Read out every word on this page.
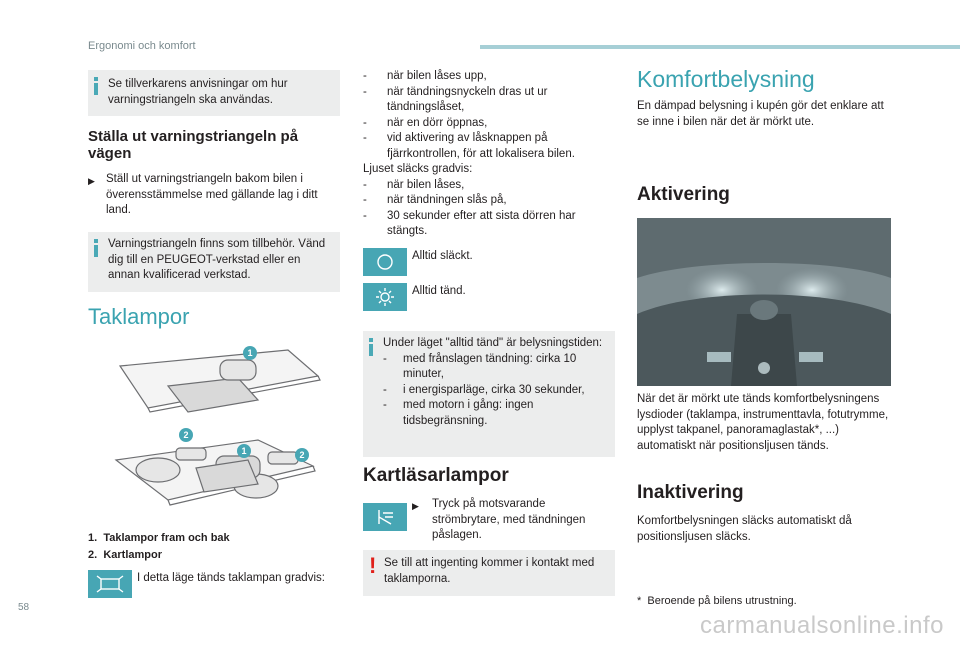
Ergonomi och komfort
Se tillverkarens anvisningar om hur varningstriangeln ska användas.
Ställa ut varningstriangeln på vägen
▶ Ställ ut varningstriangeln bakom bilen i överensstämmelse med gällande lag i ditt land.
Varningstriangeln finns som tillbehör. Vänd dig till en PEUGEOT-verkstad eller en annan kvalificerad verkstad.
Taklampor
1
2
1	2
1. Taklampor fram och bak
2. Kartlampor
I detta läge tänds taklampan gradvis:
- när bilen låses upp,
- när tändningsnyckeln dras ut ur tändningslåset,
- när en dörr öppnas,
- vid aktivering av låsknappen på fjärrkontrollen, för att lokalisera bilen.
Ljuset släcks gradvis:
- när bilen låses,
- när tändningen slås på,
- 30 sekunder efter att sista dörren har stängts.
Alltid släckt.
Alltid tänd.
Under läget "alltid tänd" är belysningstiden:
- med frånslagen tändning: cirka 10 minuter,
- i energisparläge, cirka 30 sekunder,
- med motorn i gång: ingen tidsbegränsning.
Kartläsarlampor
▶ Tryck på motsvarande strömbrytare, med tändningen påslagen.
! Se till att ingenting kommer i kontakt med taklamporna.
Komfortbelysning
En dämpad belysning i kupén gör det enklare att se inne i bilen när det är mörkt ute.
Aktivering
När det är mörkt ute tänds komfortbelysningens lysdioder (taklampa, instrumenttavla, fotutrymme, upplyst takpanel, panoramaglastak*, ...) automatiskt när positionsljusen tänds.
Inaktivering
Komfortbelysningen släcks automatiskt då positionsljusen släcks.
* Beroende på bilens utrustning.
58
carmanualsonline.info
